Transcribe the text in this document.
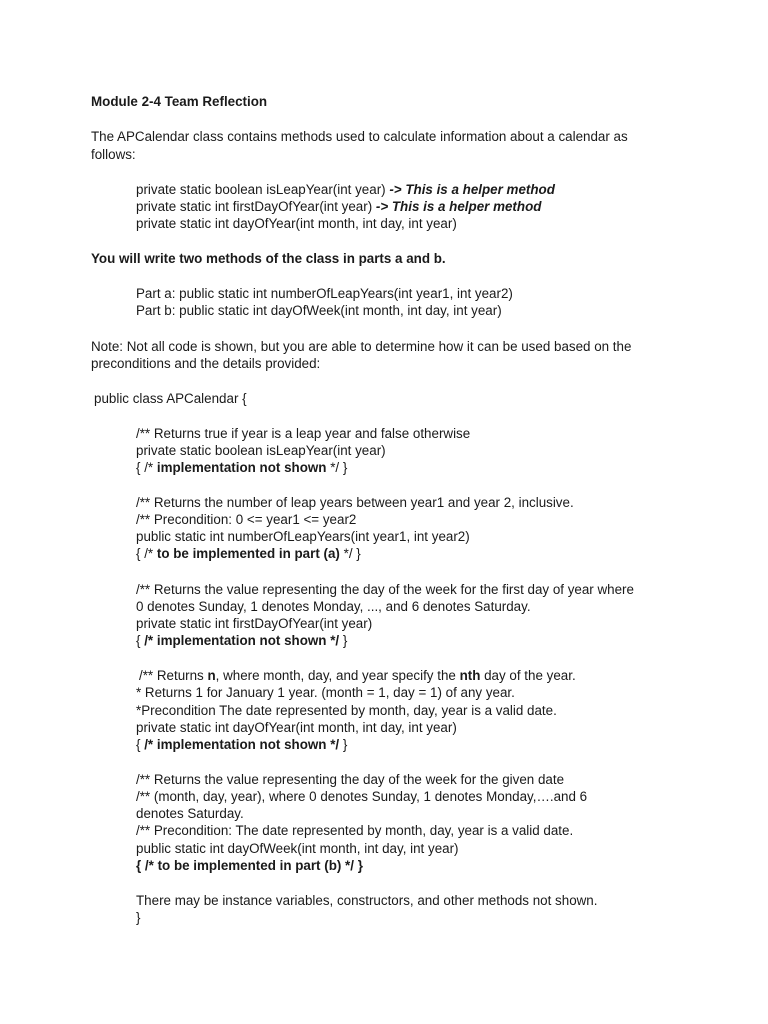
Module 2-4 Team Reflection

The APCalendar class contains methods used to calculate information about a calendar as

follows:

private static boolean isLeapYear(int year) -> This is a helper method

private static int firstDayOfYear(int year) -> This is a helper method

private static int dayOfYear(int month, int day, int year)

You will write two methods of the class in parts a and b.

Part a: public static int numberOfLeapYears(int year1, int year2)

Part b: public static int dayOfWeek(int month, int day, int year)

Note: Not all code is shown, but you are able to determine how it can be used based on the

preconditions and the details provided:

public class APCalendar {

/** Returns true if year is a leap year and false otherwise

private static boolean isLeapYear(int year)

{ /* implementation not shown */ }

/** Returns the number of leap years between year1 and year 2, inclusive.

/** Precondition: 0 <= year1 <= year2

public static int numberOfLeapYears(int year1, int year2)

{ /* to be implemented in part (a) */ }

/** Returns the value representing the day of the week for the first day of year where

0 denotes Sunday, 1 denotes Monday, ..., and 6 denotes Saturday.

private static int firstDayOfYear(int year)

{ /* implementation not shown */ }

/** Returns n, where month, day, and year specify the nth day of the year.

* Returns 1 for January 1 year. (month = 1, day = 1) of any year.

*Precondition The date represented by month, day, year is a valid date.

private static int dayOfYear(int month, int day, int year)

{ /* implementation not shown */ }

/** Returns the value representing the day of the week for the given date

/** (month, day, year), where 0 denotes Sunday, 1 denotes Monday,….and 6

denotes Saturday.

/** Precondition: The date represented by month, day, year is a valid date.

public static int dayOfWeek(int month, int day, int year)

{ /* to be implemented in part (b) */ }

There may be instance variables, constructors, and other methods not shown.

}
